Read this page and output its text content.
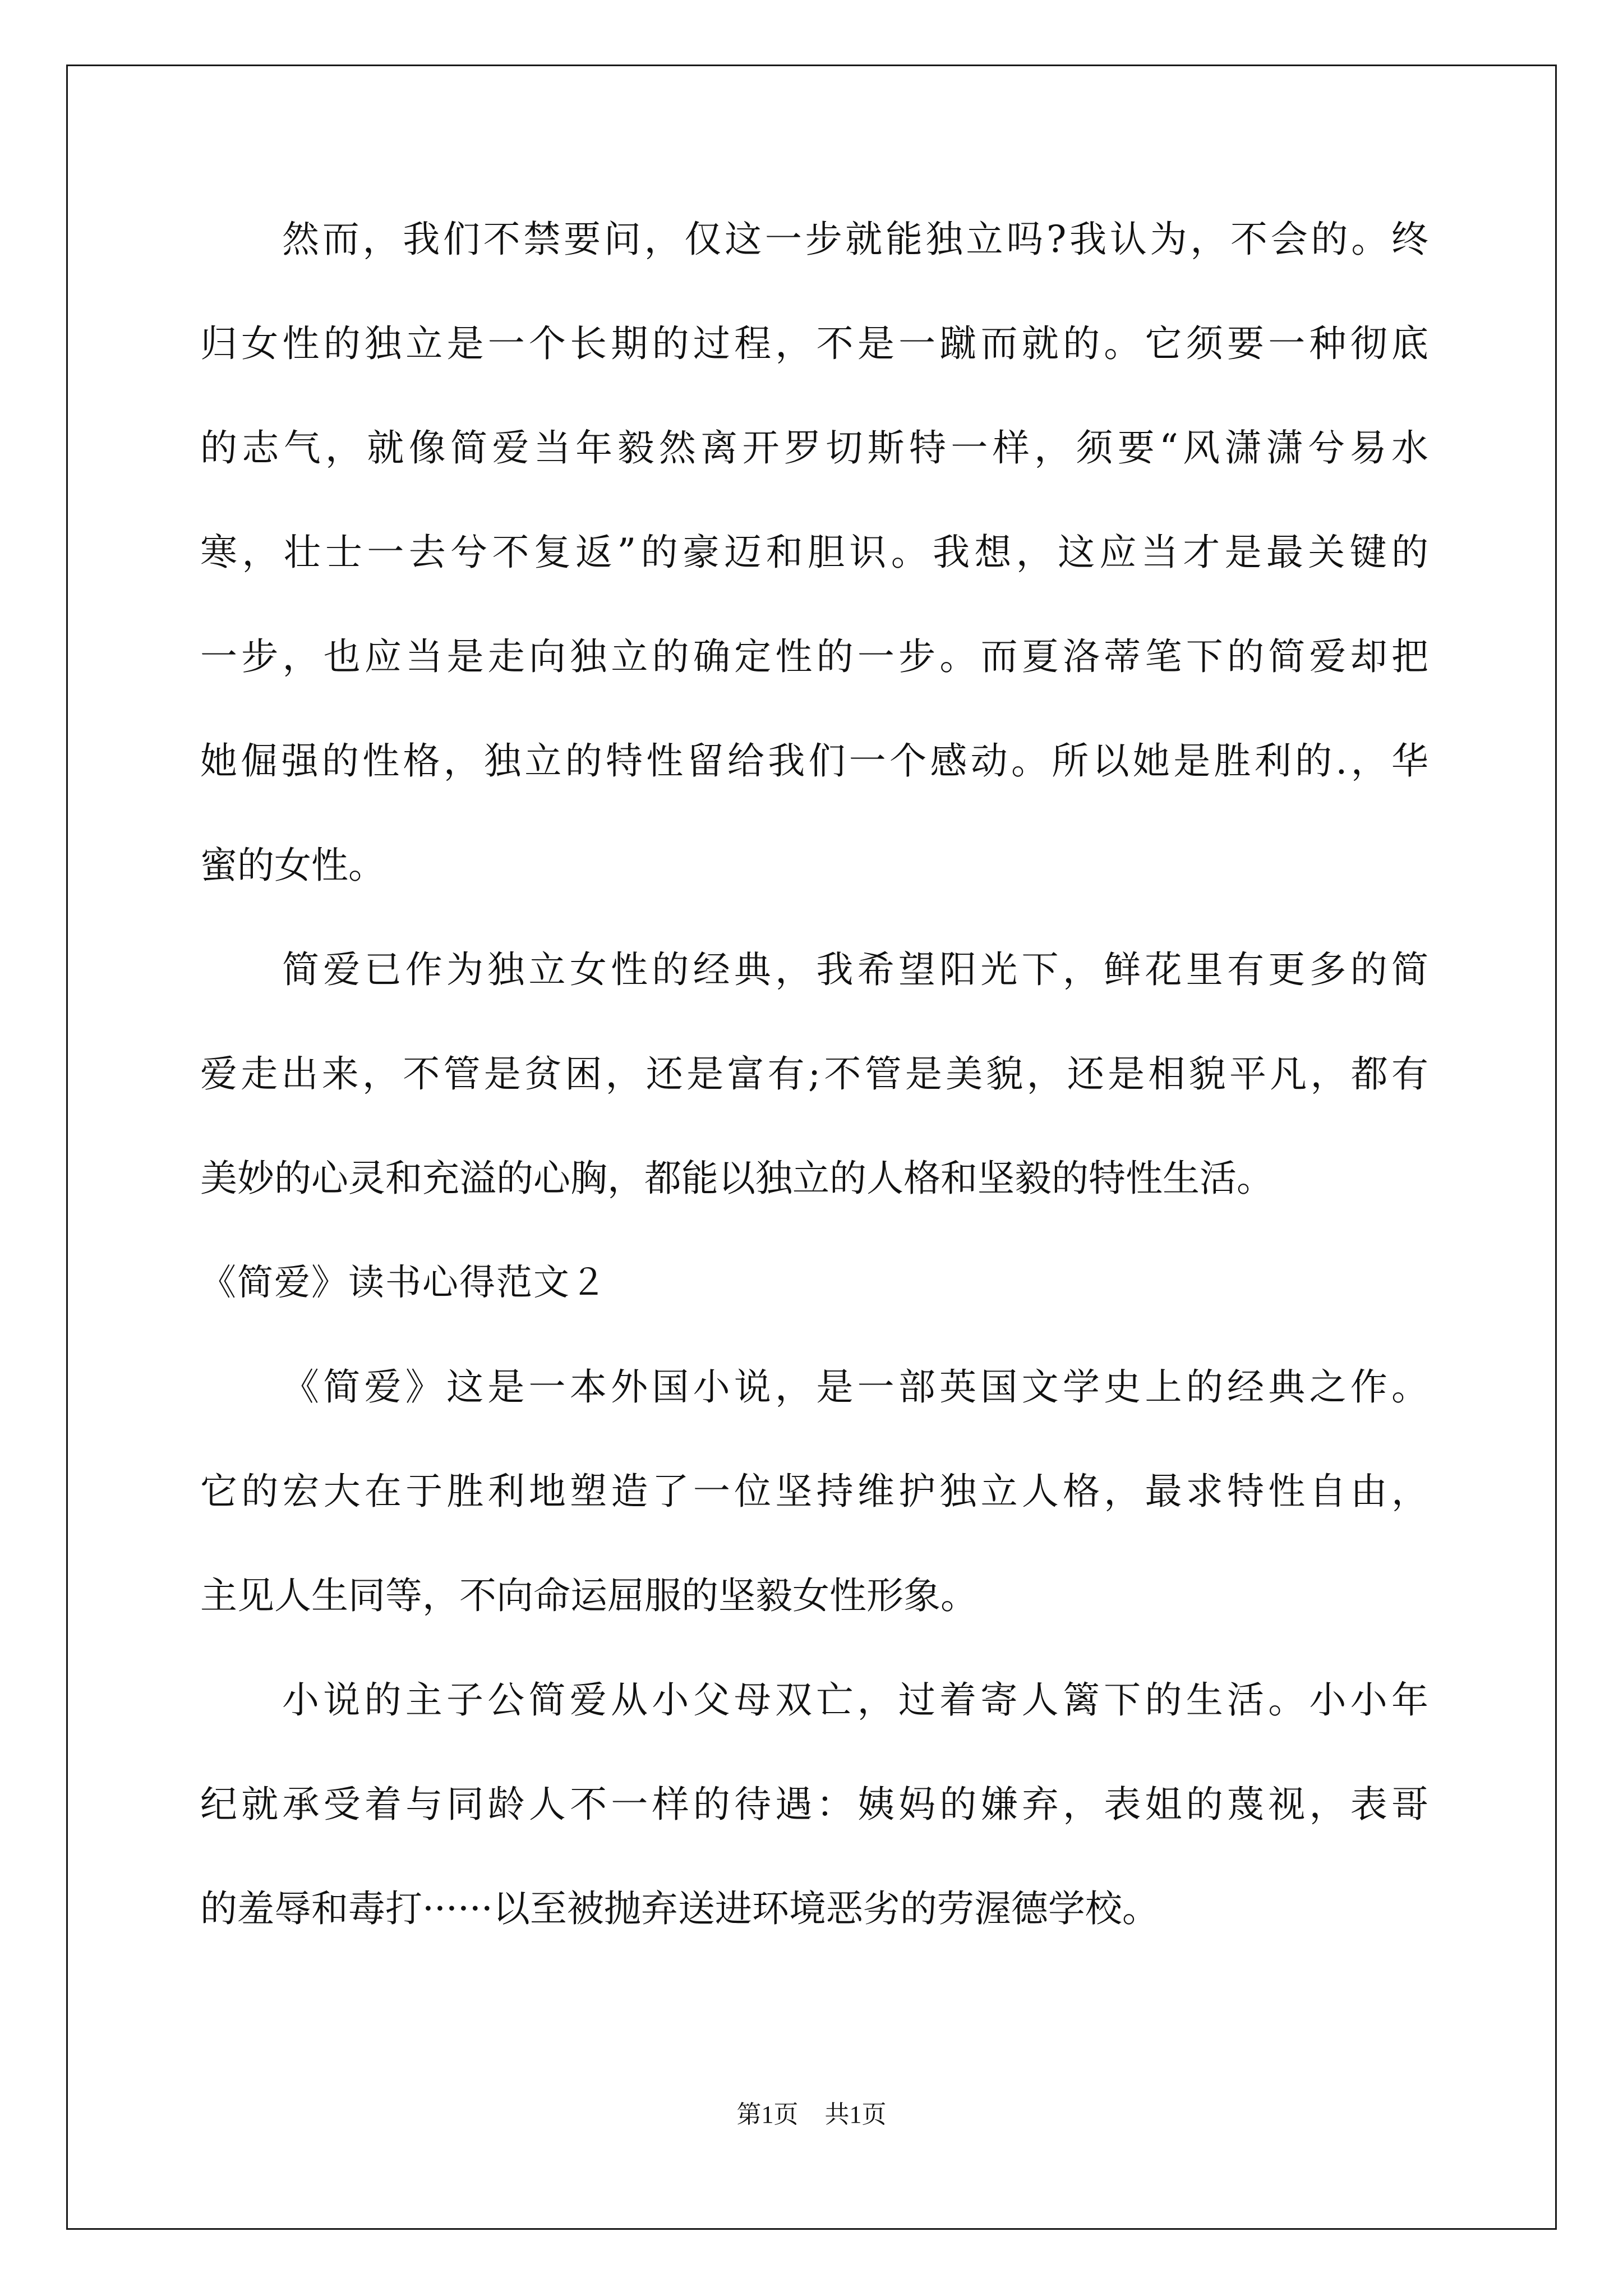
然而，我们不禁要问，仅这一步就能独立吗?我认为，不会的。终
归女性的独立是一个长期的过程，不是一蹴而就的。它须要一种彻底
的志气，就像简爱当年毅然离开罗切斯特一样，须要“风潇潇兮易水
寒，壮士一去兮不复返”的豪迈和胆识。我想，这应当才是最关键的
一步，也应当是走向独立的确定性的一步。而夏洛蒂笔下的简爱却把
她倔强的性格，独立的特性留给我们一个感动。所以她是胜利的.，华
蜜的女性。
简爱已作为独立女性的经典，我希望阳光下，鲜花里有更多的简
爱走出来，不管是贫困，还是富有;不管是美貌，还是相貌平凡，都有
美妙的心灵和充溢的心胸，都能以独立的人格和坚毅的特性生活。
《简爱》读书心得范文２
《简爱》这是一本外国小说，是一部英国文学史上的经典之作。
它的宏大在于胜利地塑造了一位坚持维护独立人格，最求特性自由，
主见人生同等，不向命运屈服的坚毅女性形象。
小说的主子公简爱从小父母双亡，过着寄人篱下的生活。小小年
纪就承受着与同龄人不一样的待遇：姨妈的嫌弃，表姐的蔑视，表哥
的羞辱和毒打······以至被抛弃送进环境恶劣的劳渥德学校。
第1页 共1页
